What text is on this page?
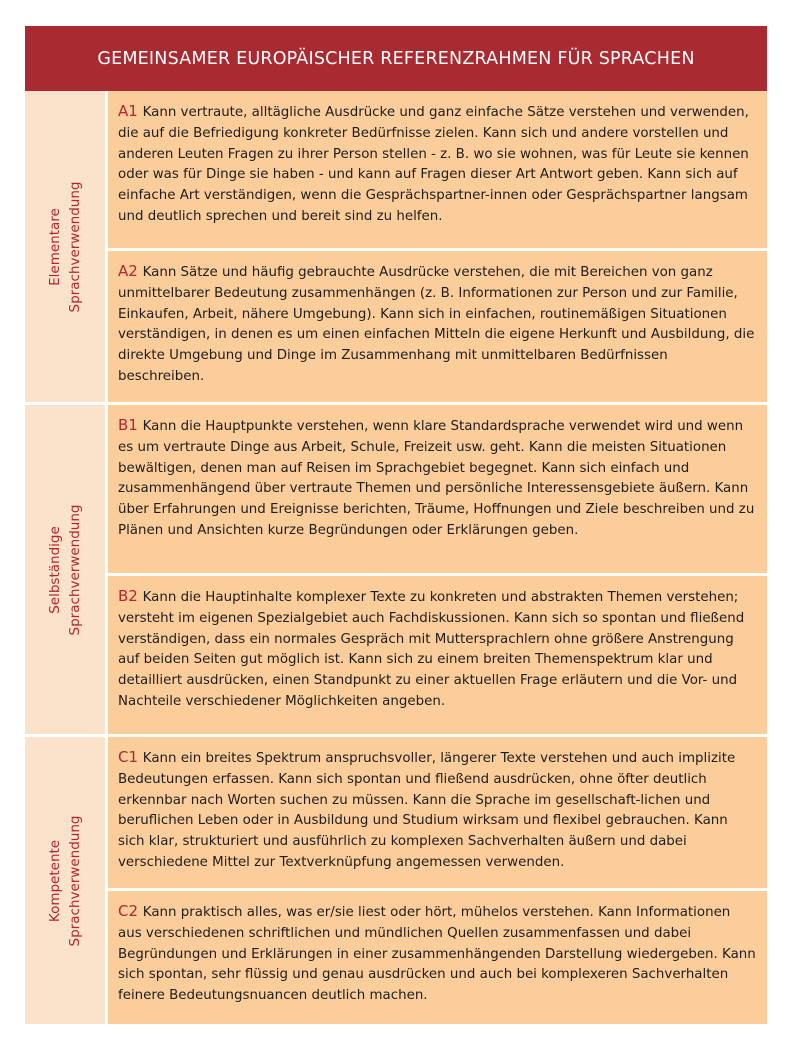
GEMEINSAMER EUROPÄISCHER REFERENZRAHMEN FÜR SPRACHEN
Elementare Sprachverwendung
A1 Kann vertraute, alltägliche Ausdrücke und ganz einfache Sätze verstehen und verwenden, die auf die Befriedigung konkreter Bedürfnisse zielen. Kann sich und andere vorstellen und anderen Leuten Fragen zu ihrer Person stellen - z. B. wo sie wohnen, was für Leute sie kennen oder was für Dinge sie haben - und kann auf Fragen dieser Art Antwort geben. Kann sich auf einfache Art verständigen, wenn die Gesprächspartner-innen oder Gesprächspartner langsam und deutlich sprechen und bereit sind zu helfen.
A2 Kann Sätze und häufig gebrauchte Ausdrücke verstehen, die mit Bereichen von ganz unmittelbarer Bedeutung zusammenhängen (z. B. Informationen zur Person und zur Familie, Einkaufen, Arbeit, nähere Umgebung). Kann sich in einfachen, routinemäßigen Situationen verständigen, in denen es um einen einfachen Mitteln die eigene Herkunft und Ausbildung, die direkte Umgebung und Dinge im Zusammenhang mit unmittelbaren Bedürfnissen beschreiben.
Selbständige Sprachverwendung
B1 Kann die Hauptpunkte verstehen, wenn klare Standardsprache verwendet wird und wenn es um vertraute Dinge aus Arbeit, Schule, Freizeit usw. geht. Kann die meisten Situationen bewältigen, denen man auf Reisen im Sprachgebiet begegnet. Kann sich einfach und zusammenhängend über vertraute Themen und persönliche Interessensgebiete äußern. Kann über Erfahrungen und Ereignisse berichten, Träume, Hoffnungen und Ziele beschreiben und zu Plänen und Ansichten kurze Begründungen oder Erklärungen geben.
B2 Kann die Hauptinhalte komplexer Texte zu konkreten und abstrakten Themen verstehen; versteht im eigenen Spezialgebiet auch Fachdiskussionen. Kann sich so spontan und fließend verständigen, dass ein normales Gespräch mit Muttersprachlern ohne größere Anstrengung auf beiden Seiten gut möglich ist. Kann sich zu einem breiten Themenspektrum klar und detailliert ausdrücken, einen Standpunkt zu einer aktuellen Frage erläutern und die Vor- und Nachteile verschiedener Möglichkeiten angeben.
Kompetente Sprachverwendung
C1 Kann ein breites Spektrum anspruchsvoller, längerer Texte verstehen und auch implizite Bedeutungen erfassen. Kann sich spontan und fließend ausdrücken, ohne öfter deutlich erkennbar nach Worten suchen zu müssen. Kann die Sprache im gesellschaft-lichen und beruflichen Leben oder in Ausbildung und Studium wirksam und flexibel gebrauchen. Kann sich klar, strukturiert und ausführlich zu komplexen Sachverhalten äußern und dabei verschiedene Mittel zur Textverknüpfung angemessen verwenden.
C2 Kann praktisch alles, was er/sie liest oder hört, mühelos verstehen. Kann Informationen aus verschiedenen schriftlichen und mündlichen Quellen zusammenfassen und dabei Begründungen und Erklärungen in einer zusammenhängenden Darstellung wiedergeben. Kann sich spontan, sehr flüssig und genau ausdrücken und auch bei komplexeren Sachverhalten feinere Bedeutungsnuancen deutlich machen.
